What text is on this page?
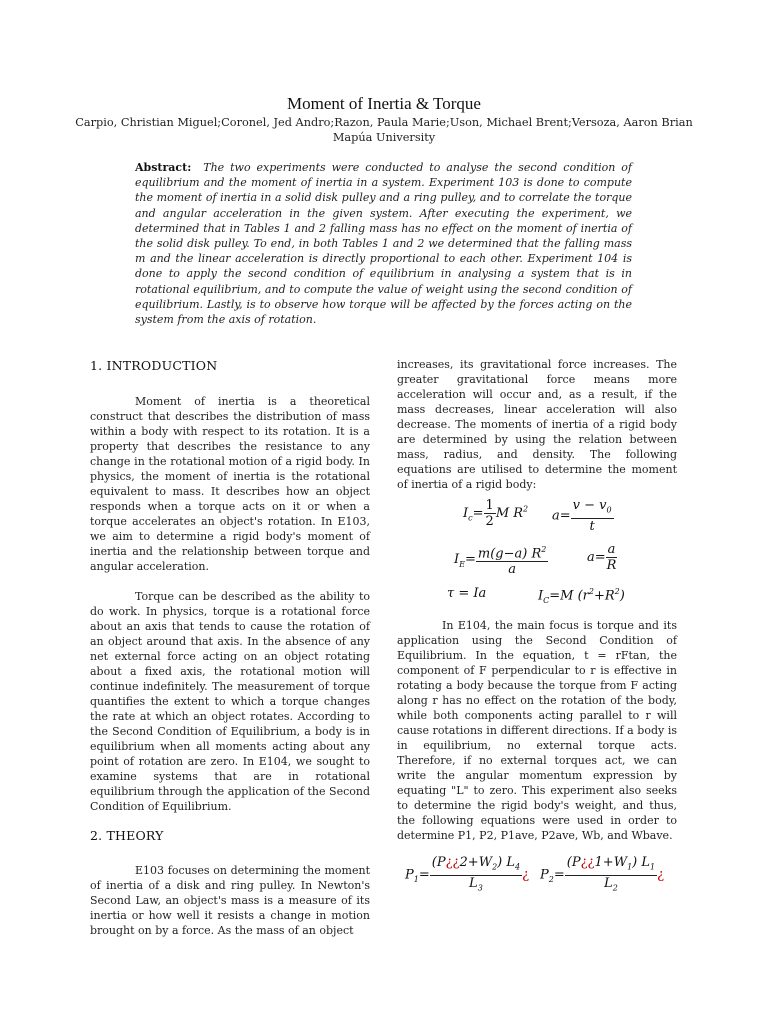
Moment of Inertia & Torque
Carpio, Christian Miguel;Coronel, Jed Andro;Razon, Paula Marie;Uson, Michael Brent;Versoza, Aaron Brian
Mapúa University
Abstract: The two experiments were conducted to analyse the second condition of equilibrium and the moment of inertia in a system. Experiment 103 is done to compute the moment of inertia in a solid disk pulley and a ring pulley, and to correlate the torque and angular acceleration in the given system. After executing the experiment, we determined that in Tables 1 and 2 falling mass has no effect on the moment of inertia of the solid disk pulley. To end, in both Tables 1 and 2 we determined that the falling mass m and the linear acceleration is directly proportional to each other. Experiment 104 is done to apply the second condition of equilibrium in analysing a system that is in rotational equilibrium, and to compute the value of weight using the second condition of equilibrium. Lastly, is to observe how torque will be affected by the forces acting on the system from the axis of rotation.

1. INTRODUCTION

Moment of inertia is a theoretical construct that describes the distribution of mass within a body with respect to its rotation. It is a property that describes the resistance to any change in the rotational motion of a rigid body. In physics, the moment of inertia is the rotational equivalent to mass. It describes how an object responds when a torque acts on it or when a torque accelerates an object's rotation. In E103, we aim to determine a rigid body's moment of inertia and the relationship between torque and angular acceleration.

Torque can be described as the ability to do work. In physics, torque is a rotational force about an axis that tends to cause the rotation of an object around that axis. In the absence of any net external force acting on an object rotating about a fixed axis, the rotational motion will continue indefinitely. The measurement of torque quantifies the extent to which a torque changes the rate at which an object rotates. According to the Second Condition of Equilibrium, a body is in equilibrium when all moments acting about any point of rotation are zero. In E104, we sought to examine systems that are in rotational equilibrium through the application of the Second Condition of Equilibrium.

2. THEORY

E103 focuses on determining the moment of inertia of a disk and ring pulley. In Newton's Second Law, an object's mass is a measure of its inertia or how well it resists a change in motion brought on by a force. As the mass of an object

increases, its gravitational force increases. The greater gravitational force means more acceleration will occur and, as a result, if the mass decreases, linear acceleration will also decrease. The moments of inertia of a rigid body are determined by using the relation between mass, radius, and density. The following equations are utilised to determine the moment of inertia of a rigid body:

$I_c= \frac{1}{2}$ M $R^2$ $a= \frac{v - v_0}{t}$
$I_E= \frac{m(g-a) R^2}{a}$	$a= \frac{a}{R}$
τ = Ia	$I_C=M$ $(r^2+R^2)$

In E104, the main focus is torque and its application using the Second Condition of Equilibrium. In the equation, t = rFtan, the component of F perpendicular to r is effective in rotating a body because the torque from F acting along r has no effect on the rotation of the body, while both components acting parallel to r will cause rotations in different directions. If a body is in equilibrium, no external torque acts. Therefore, if no external torques act, we can write the angular momentum expression by equating "L" to zero. This experiment also seeks to determine the rigid body's weight, and thus, the following equations were used in order to determine P1, P2, P1ave, P2ave, Wb, and Wbave.

$P_1= \frac{(P¿¿2+W_2) L_4}{L_3}$ ¿ $P_2= \frac{(P¿¿1+W_1) L_1}{L_2}$ ¿
